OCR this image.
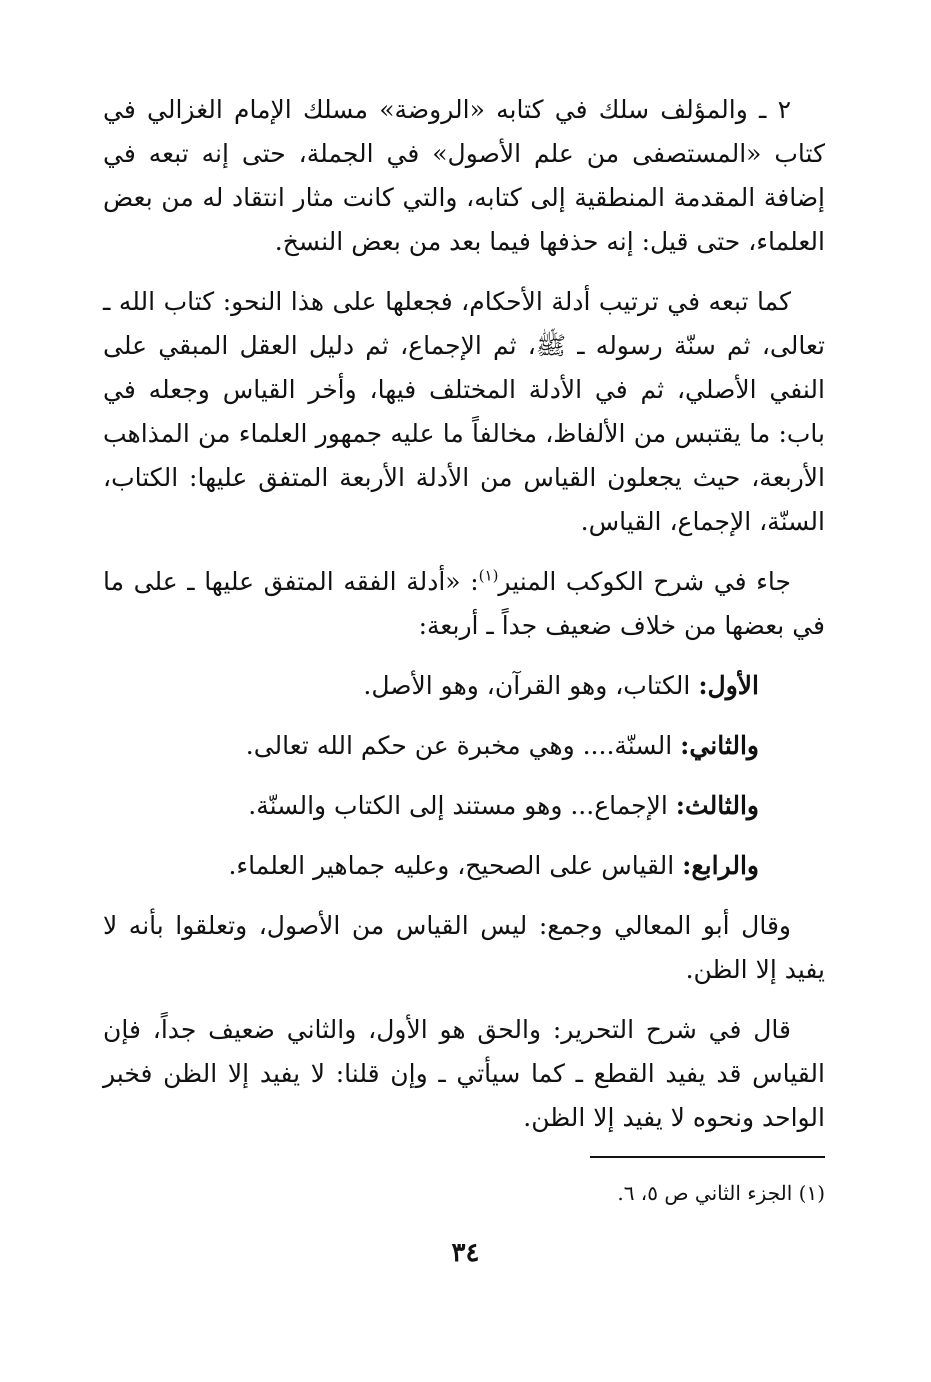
٢ ـ والمؤلف سلك في كتابه «الروضة» مسلك الإمام الغزالي في كتاب «المستصفى من علم الأصول» في الجملة، حتى إنه تبعه في إضافة المقدمة المنطقية إلى كتابه، والتي كانت مثار انتقاد له من بعض العلماء، حتى قيل: إنه حذفها فيما بعد من بعض النسخ.

كما تبعه في ترتيب أدلة الأحكام، فجعلها على هذا النحو: كتاب الله ـ تعالى، ثم سنّة رسوله ـ ﷺ، ثم الإجماع، ثم دليل العقل المبقي على النفي الأصلي، ثم في الأدلة المختلف فيها، وأخر القياس وجعله في باب: ما يقتبس من الألفاظ، مخالفاً ما عليه جمهور العلماء من المذاهب الأربعة، حيث يجعلون القياس من الأدلة الأربعة المتفق عليها: الكتاب، السنّة، الإجماع، القياس.

جاء في شرح الكوكب المنير$^{(١)}$: «أدلة الفقه المتفق عليها ـ على ما في بعضها من خلاف ضعيف جداً ـ أربعة:

الأول: الكتاب، وهو القرآن، وهو الأصل.

والثاني: السنّة.... وهي مخبرة عن حكم الله تعالى.

والثالث: الإجماع... وهو مستند إلى الكتاب والسنّة.

والرابع: القياس على الصحيح، وعليه جماهير العلماء.

وقال أبو المعالي وجمع: ليس القياس من الأصول، وتعلقوا بأنه لا يفيد إلا الظن.

قال في شرح التحرير: والحق هو الأول، والثاني ضعيف جداً، فإن القياس قد يفيد القطع ـ كما سيأتي ـ وإن قلنا: لا يفيد إلا الظن فخبر الواحد ونحوه لا يفيد إلا الظن.

(١) الجزء الثاني ص ٥، ٦.

٣٤
